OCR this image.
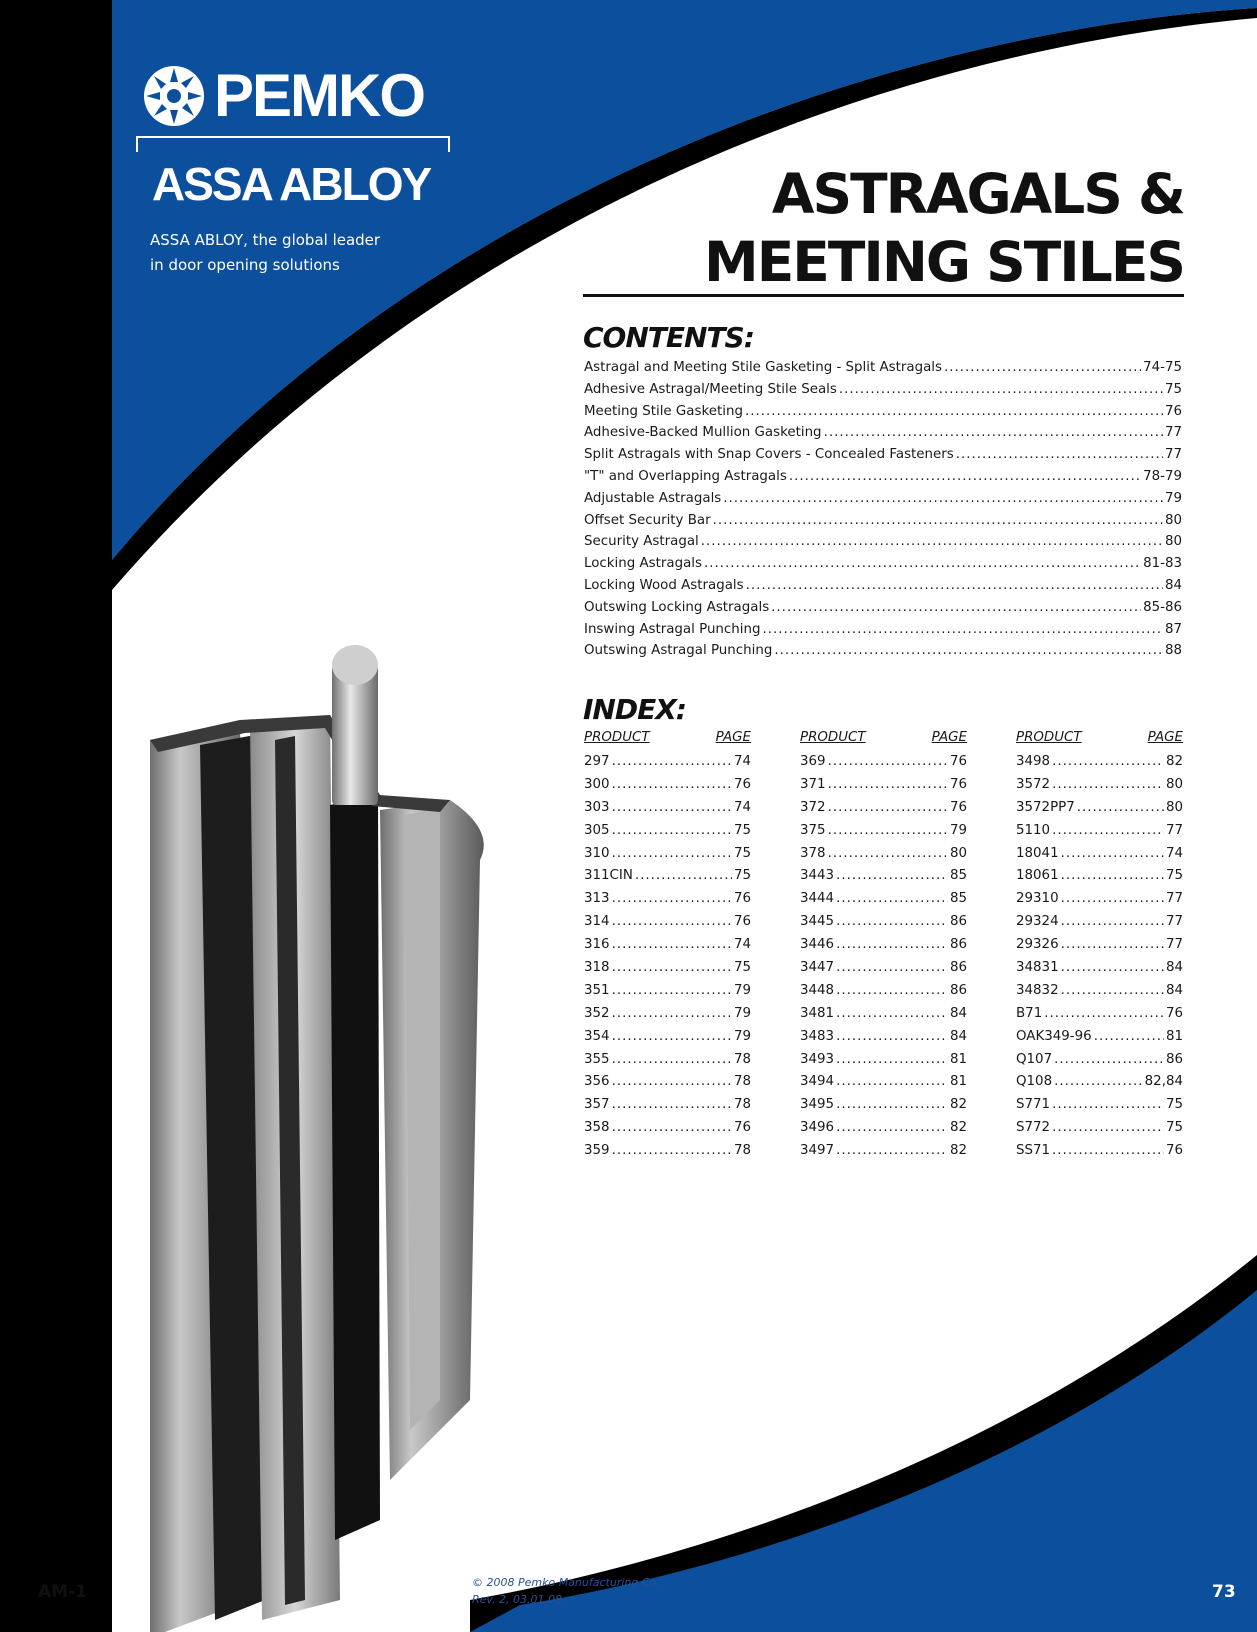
PEMKO
ASSA ABLOY
ASSA ABLOY, the global leader
in door opening solutions
ASTRAGALS &
MEETING STILES
CONTENTS:
Astragal and Meeting Stile Gasketing - Split Astragals .....	74-75
Adhesive Astragal/Meeting Stile Seals .....	75
Meeting Stile Gasketing .....	76
Adhesive-Backed Mullion Gasketing .....	77
Split Astragals with Snap Covers - Concealed Fasteners .....	77
"T" and Overlapping Astragals .....	78-79
Adjustable Astragals .....	79
Offset Security Bar .....	80
Security Astragal .....	80
Locking Astragals .....	81-83
Locking Wood Astragals .....	84
Outswing Locking Astragals .....	85-86
Inswing Astragal Punching .....	87
Outswing Astragal Punching .....	88
INDEX:
PRODUCT	PAGE
297 .....	74
300 .....	76
303 .....	74
305 .....	75
310 .....	75
311CIN .....	75
313 .....	76
314 .....	76
316 .....	74
318 .....	75
351 .....	79
352 .....	79
354 .....	79
355 .....	78
356 .....	78
357 .....	78
358 .....	76
359 .....	78
PRODUCT	PAGE
369 .....	76
371 .....	76
372 .....	76
375 .....	79
378 .....	80
3443 .....	85
3444 .....	85
3445 .....	86
3446 .....	86
3447 .....	86
3448 .....	86
3481 .....	84
3483 .....	84
3493 .....	81
3494 .....	81
3495 .....	82
3496 .....	82
3497 .....	82
PRODUCT	PAGE
3498 .....	82
3572 .....	80
3572PP7 .....	80
5110 .....	77
18041 .....	74
18061 .....	75
29310 .....	77
29324 .....	77
29326 .....	77
34831 .....	84
34832 .....	84
B71 .....	76
OAK349-96 .....	81
Q107 .....	86
Q108 .....	82,84
S771 .....	75
S772 .....	75
SS71 .....	76
AM-1	© 2008 Pemko Manufacturing Co.
Rev. 2, 03.01.08	73
